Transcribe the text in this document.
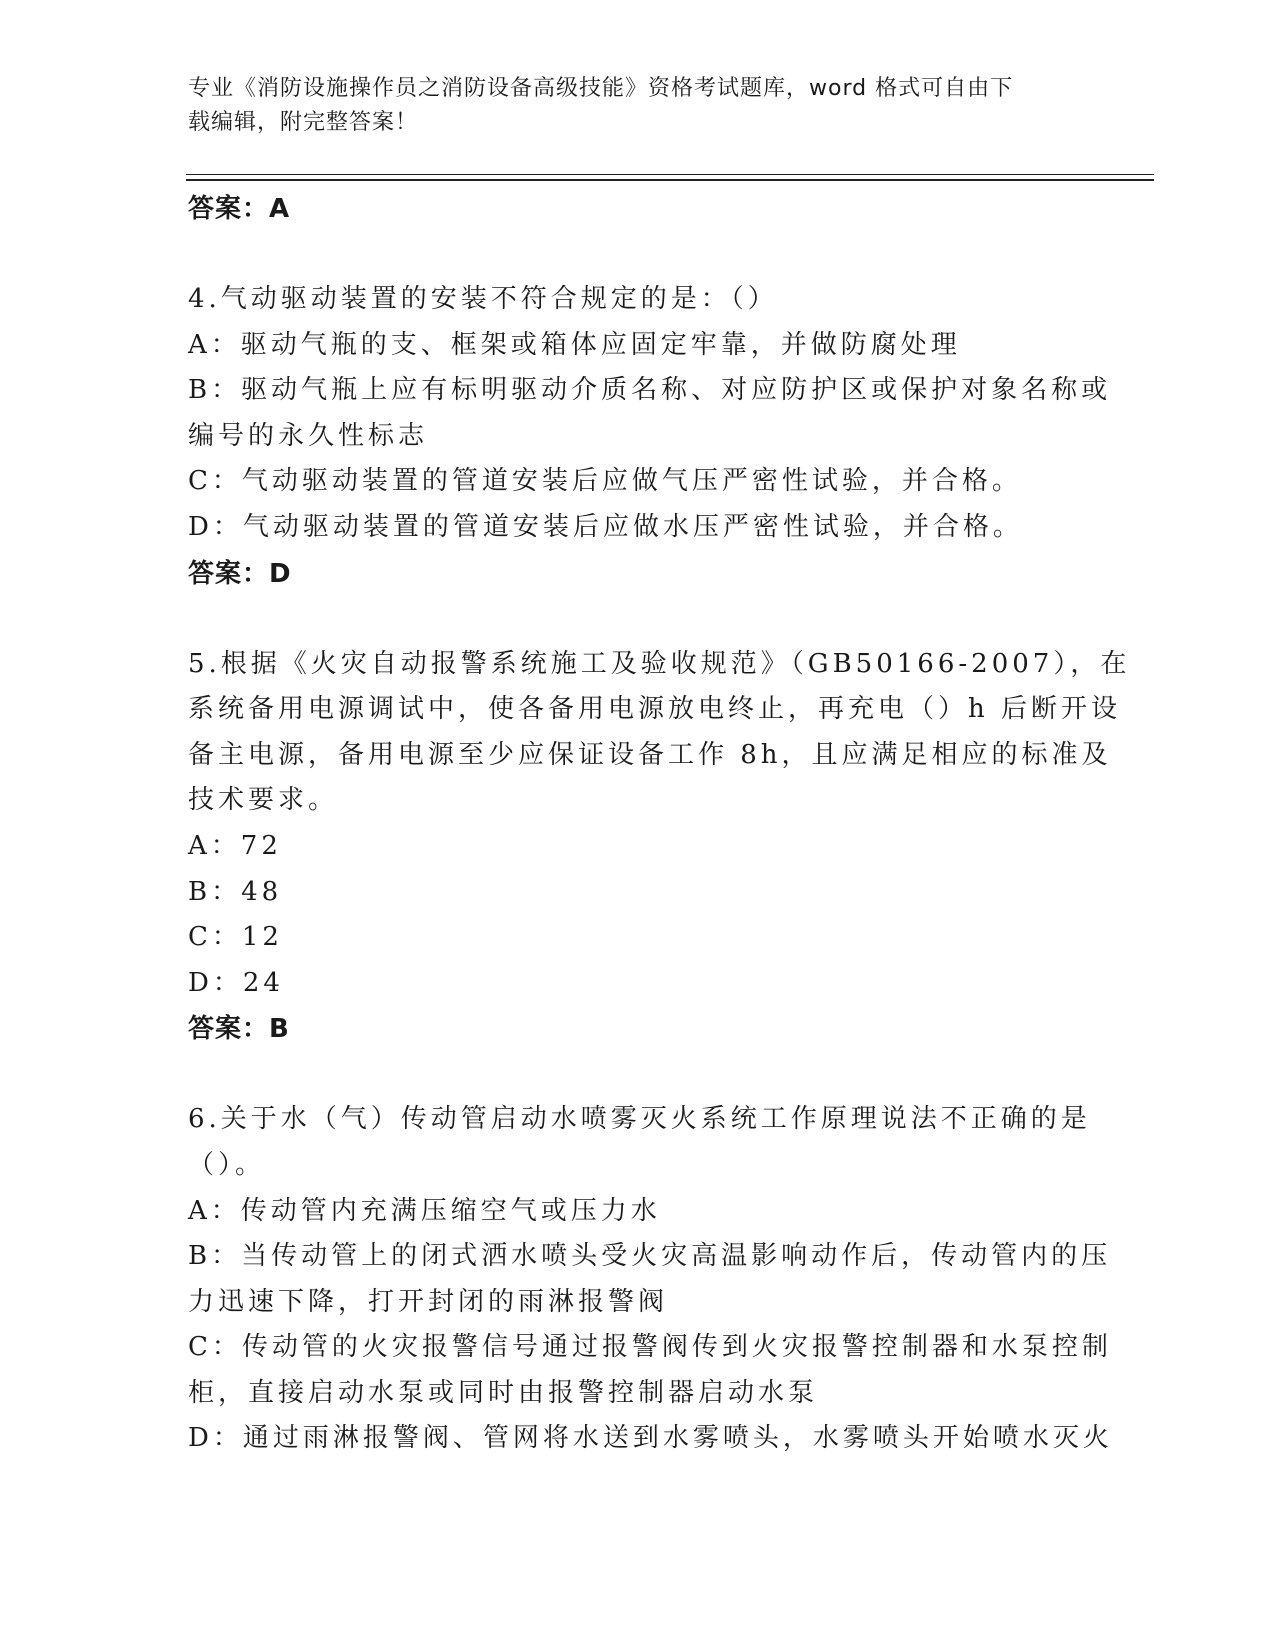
专业《消防设施操作员之消防设备高级技能》资格考试题库，word 格式可自由下
载编辑，附完整答案！
答案：A
4.气动驱动装置的安装不符合规定的是：（）
A：驱动气瓶的支、框架或箱体应固定牢靠，并做防腐处理
B：驱动气瓶上应有标明驱动介质名称、对应防护区或保护对象名称或
编号的永久性标志
C：气动驱动装置的管道安装后应做气压严密性试验，并合格。
D：气动驱动装置的管道安装后应做水压严密性试验，并合格。
答案：D
5.根据《火灾自动报警系统施工及验收规范》（GB50166-2007），在
系统备用电源调试中，使各备用电源放电终止，再充电（）h 后断开设
备主电源，备用电源至少应保证设备工作 8h，且应满足相应的标准及
技术要求。
A：72
B：48
C：12
D：24
答案：B
6.关于水（气）传动管启动水喷雾灭火系统工作原理说法不正确的是
（）。
A：传动管内充满压缩空气或压力水
B：当传动管上的闭式洒水喷头受火灾高温影响动作后，传动管内的压
力迅速下降，打开封闭的雨淋报警阀
C：传动管的火灾报警信号通过报警阀传到火灾报警控制器和水泵控制
柜，直接启动水泵或同时由报警控制器启动水泵
D：通过雨淋报警阀、管网将水送到水雾喷头，水雾喷头开始喷水灭火
